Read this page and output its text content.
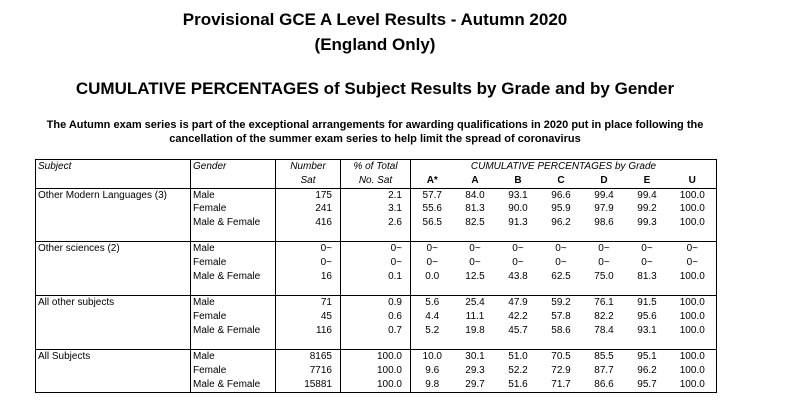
Provisional GCE A Level Results - Autumn 2020
(England Only)
CUMULATIVE PERCENTAGES of Subject Results by Grade and by Gender
The Autumn exam series is part of the exceptional arrangements for awarding qualifications in 2020 put in place following the cancellation of the summer exam series to help limit the spread of coronavirus
Subject	Gender	Number	% of Total	CUMULATIVE PERCENTAGES by Grade						
		Sat	No. Sat	A*	A	B	C	D	E	U
Other Modern Languages (3)	Male	175	2.1	57.7	84.0	93.1	96.6	99.4	99.4	100.0
	Female	241	3.1	55.6	81.3	90.0	95.9	97.9	99.2	100.0
	Male & Female	416	2.6	56.5	82.5	91.3	96.2	98.6	99.3	100.0

Other sciences (2)	Male	0~	0~	0~	0~	0~	0~	0~	0~	0~
	Female	0~	0~	0~	0~	0~	0~	0~	0~	0~
	Male & Female	16	0.1	0.0	12.5	43.8	62.5	75.0	81.3	100.0

All other subjects	Male	71	0.9	5.6	25.4	47.9	59.2	76.1	91.5	100.0
	Female	45	0.6	4.4	11.1	42.2	57.8	82.2	95.6	100.0
	Male & Female	116	0.7	5.2	19.8	45.7	58.6	78.4	93.1	100.0

All Subjects	Male	8165	100.0	10.0	30.1	51.0	70.5	85.5	95.1	100.0
	Female	7716	100.0	9.6	29.3	52.2	72.9	87.7	96.2	100.0
	Male & Female	15881	100.0	9.8	29.7	51.6	71.7	86.6	95.7	100.0
